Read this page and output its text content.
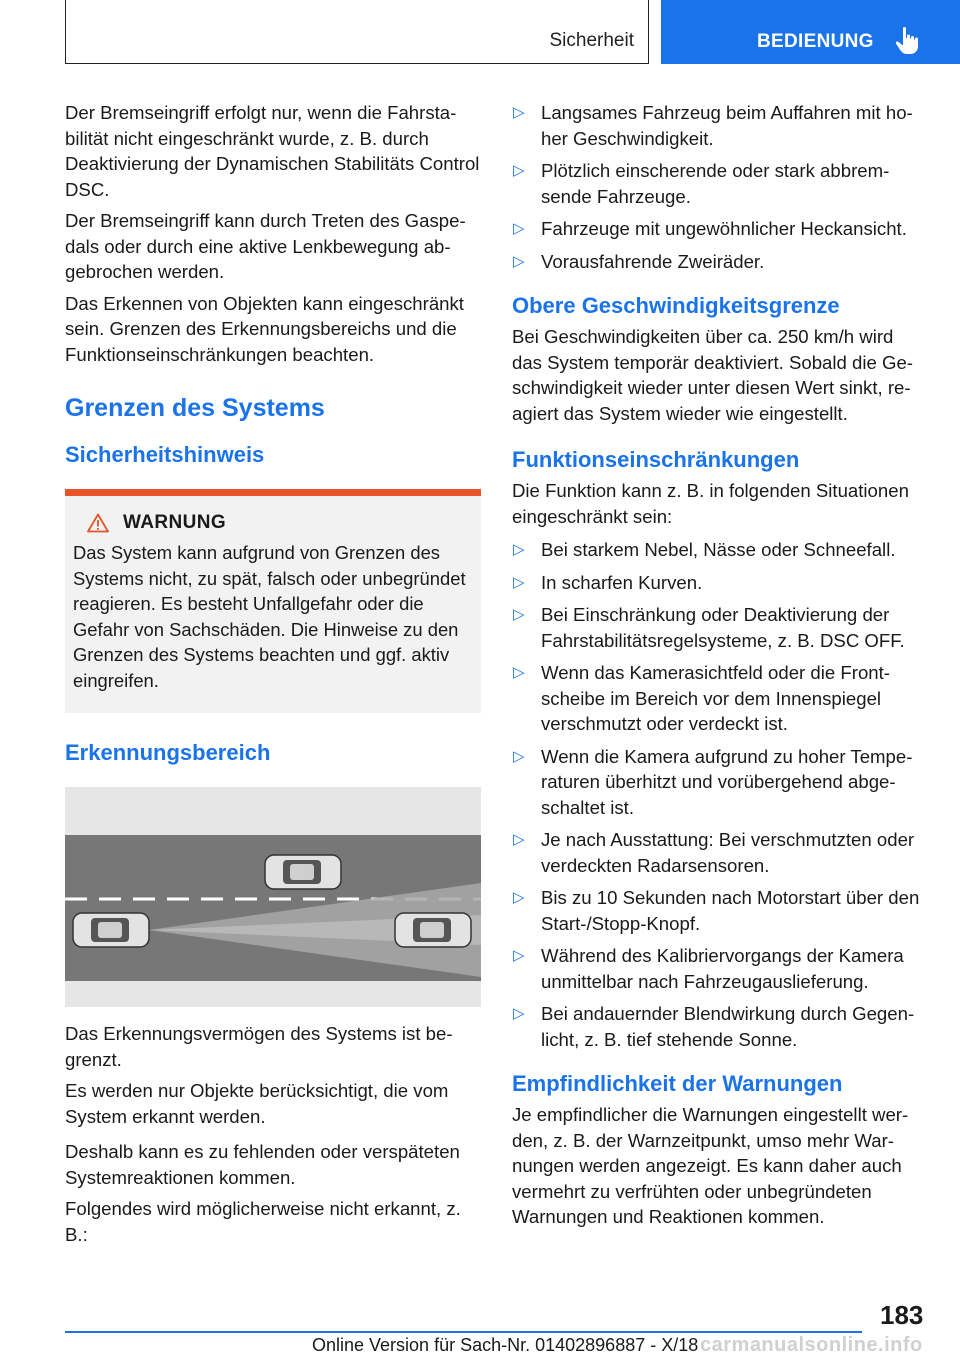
Sicherheit	BEDIENUNG

Der Bremseingriff erfolgt nur, wenn die Fahrstabilität nicht eingeschränkt wurde, z. B. durch Deaktivierung der Dynamischen Stabilitäts Control DSC.

Der Bremseingriff kann durch Treten des Gaspedals oder durch eine aktive Lenkbewegung abgebrochen werden.

Das Erkennen von Objekten kann eingeschränkt sein. Grenzen des Erkennungsbereichs und die Funktionseinschränkungen beachten.

Grenzen des Systems
Sicherheitshinweis
WARNUNG

Das System kann aufgrund von Grenzen des Systems nicht, zu spät, falsch oder unbegründet reagieren. Es besteht Unfallgefahr oder die Gefahr von Sachschäden. Die Hinweise zu den Grenzen des Systems beachten und ggf. aktiv eingreifen.

Erkennungsbereich

Das Erkennungsvermögen des Systems ist begrenzt.

Es werden nur Objekte berücksichtigt, die vom System erkannt werden.

Deshalb kann es zu fehlenden oder verspäteten Systemreaktionen kommen.

Folgendes wird möglicherweise nicht erkannt, z. B.:

▷ Langsames Fahrzeug beim Auffahren mit hoher Geschwindigkeit.
▷ Plötzlich einscherende oder stark abbremsende Fahrzeuge.
▷ Fahrzeuge mit ungewöhnlicher Heckansicht.
▷ Vorausfahrende Zweiräder.
Obere Geschwindigkeitsgrenze

Bei Geschwindigkeiten über ca. 250 km/h wird das System temporär deaktiviert. Sobald die Geschwindigkeit wieder unter diesen Wert sinkt, reagiert das System wieder wie eingestellt.

Funktionseinschränkungen

Die Funktion kann z. B. in folgenden Situationen eingeschränkt sein:

▷ Bei starkem Nebel, Nässe oder Schneefall.
▷ In scharfen Kurven.
▷ Bei Einschränkung oder Deaktivierung der Fahrstabilitätsregelsysteme, z. B. DSC OFF.
▷ Wenn das Kamerasichtfeld oder die Frontscheibe im Bereich vor dem Innenspiegel verschmutzt oder verdeckt ist.
▷ Wenn die Kamera aufgrund zu hoher Temperaturen überhitzt und vorübergehend abgeschaltet ist.
▷ Je nach Ausstattung: Bei verschmutzten oder verdeckten Radarsensoren.
▷ Bis zu 10 Sekunden nach Motorstart über den Start-/Stopp-Knopf.
▷ Während des Kalibriervorgangs der Kamera unmittelbar nach Fahrzeugauslieferung.
▷ Bei andauernder Blendwirkung durch Gegenlicht, z. B. tief stehende Sonne.
Empfindlichkeit der Warnungen

Je empfindlicher die Warnungen eingestellt werden, z. B. der Warnzeitpunkt, umso mehr Warnungen werden angezeigt. Es kann daher auch vermehrt zu verfrühten oder unbegründeten Warnungen und Reaktionen kommen.

183
Online Version für Sach-Nr. 01402896887 - X/18 carmanualsonline.info
